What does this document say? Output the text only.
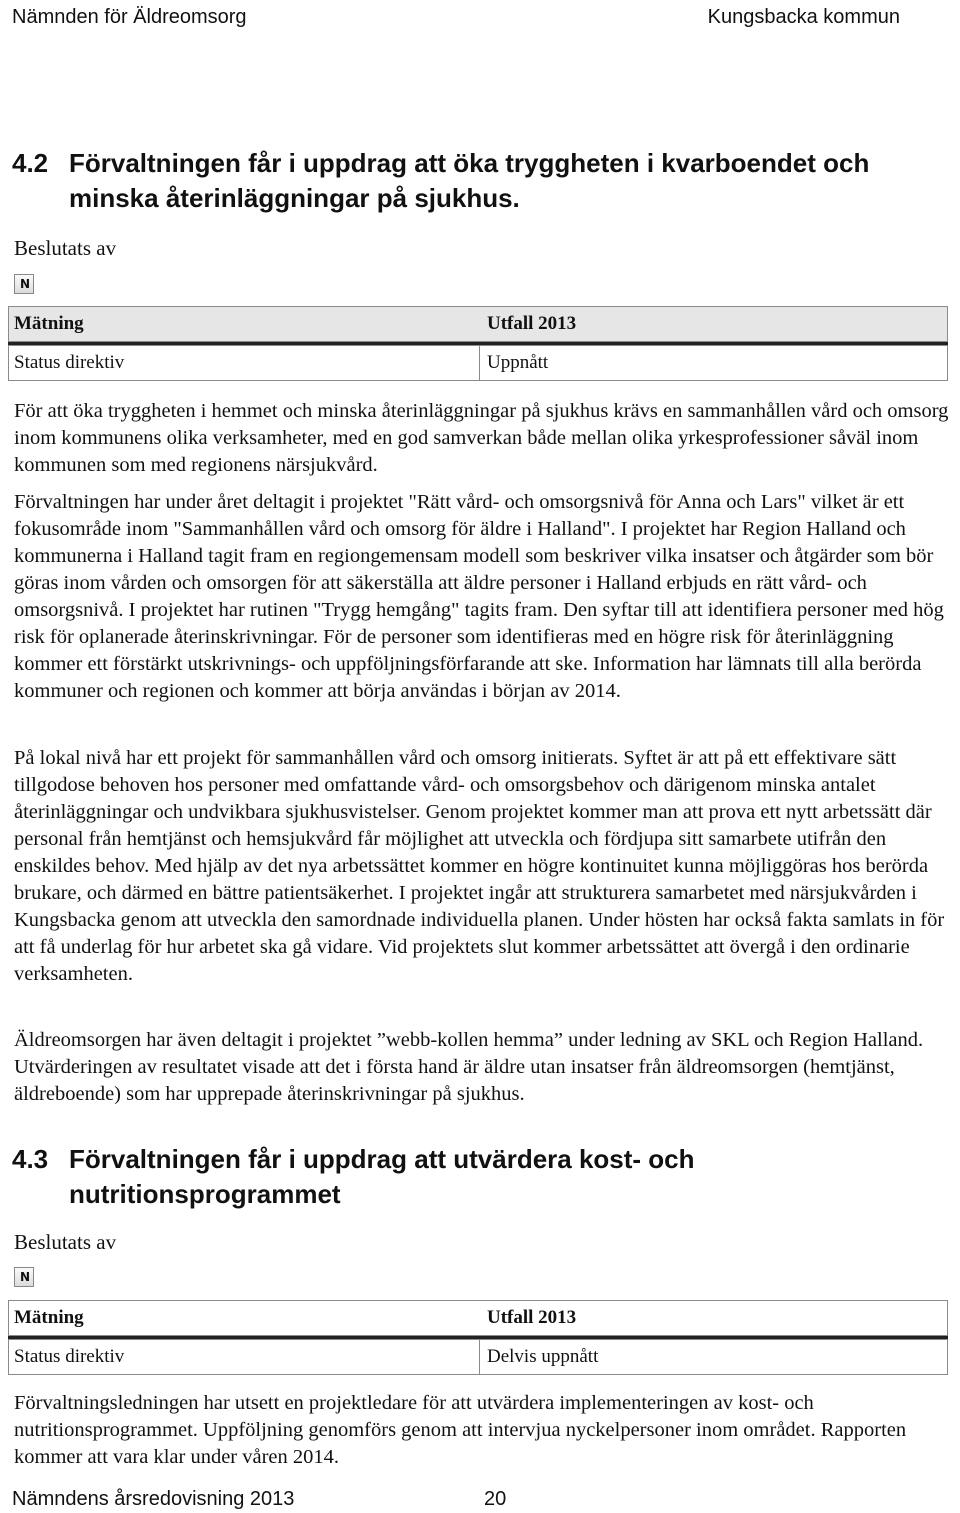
Nämnden för Äldreomsorg	Kungsbacka kommun
4.2 Förvaltningen får i uppdrag att öka tryggheten i kvarboendet och minska återinläggningar på sjukhus.
Beslutats av
N
Mätning	Utfall 2013
Status direktiv	Uppnått

För att öka tryggheten i hemmet och minska återinläggningar på sjukhus krävs en sammanhållen vård och omsorg inom kommunens olika verksamheter, med en god samverkan både mellan olika yrkesprofessioner såväl inom kommunen som med regionens närsjukvård.

Förvaltningen har under året deltagit i projektet "Rätt vård- och omsorgsnivå för Anna och Lars" vilket är ett fokusområde inom "Sammanhållen vård och omsorg för äldre i Halland". I projektet har Region Halland och kommunerna i Halland tagit fram en regiongemensam modell som beskriver vilka insatser och åtgärder som bör göras inom vården och omsorgen för att säkerställa att äldre personer i Halland erbjuds en rätt vård- och omsorgsnivå. I projektet har rutinen "Trygg hemgång" tagits fram. Den syftar till att identifiera personer med hög risk för oplanerade återinskrivningar. För de personer som identifieras med en högre risk för återinläggning kommer ett förstärkt utskrivnings- och uppföljningsförfarande att ske. Information har lämnats till alla berörda kommuner och regionen och kommer att börja användas i början av 2014.

På lokal nivå har ett projekt för sammanhållen vård och omsorg initierats. Syftet är att på ett effektivare sätt tillgodose behoven hos personer med omfattande vård- och omsorgsbehov och därigenom minska antalet återinläggningar och undvikbara sjukhusvistelser. Genom projektet kommer man att prova ett nytt arbetssätt där personal från hemtjänst och hemsjukvård får möjlighet att utveckla och fördjupa sitt samarbete utifrån den enskildes behov. Med hjälp av det nya arbetssättet kommer en högre kontinuitet kunna möjliggöras hos berörda brukare, och därmed en bättre patientsäkerhet. I projektet ingår att strukturera samarbetet med närsjukvården i Kungsbacka genom att utveckla den samordnade individuella planen. Under hösten har också fakta samlats in för att få underlag för hur arbetet ska gå vidare. Vid projektets slut kommer arbetssättet att övergå i den ordinarie verksamheten.

Äldreomsorgen har även deltagit i projektet ”webb-kollen hemma” under ledning av SKL och Region Halland. Utvärderingen av resultatet visade att det i första hand är äldre utan insatser från äldreomsorgen (hemtjänst, äldreboende) som har upprepade återinskrivningar på sjukhus.

4.3 Förvaltningen får i uppdrag att utvärdera kost- och nutritionsprogrammet
Beslutats av
N
Mätning	Utfall 2013
Status direktiv	Delvis uppnått

Förvaltningsledningen har utsett en projektledare för att utvärdera implementeringen av kost- och nutritionsprogrammet. Uppföljning genomförs genom att intervjua nyckelpersoner inom området. Rapporten kommer att vara klar under våren 2014.

Nämndens årsredovisning 2013	20
